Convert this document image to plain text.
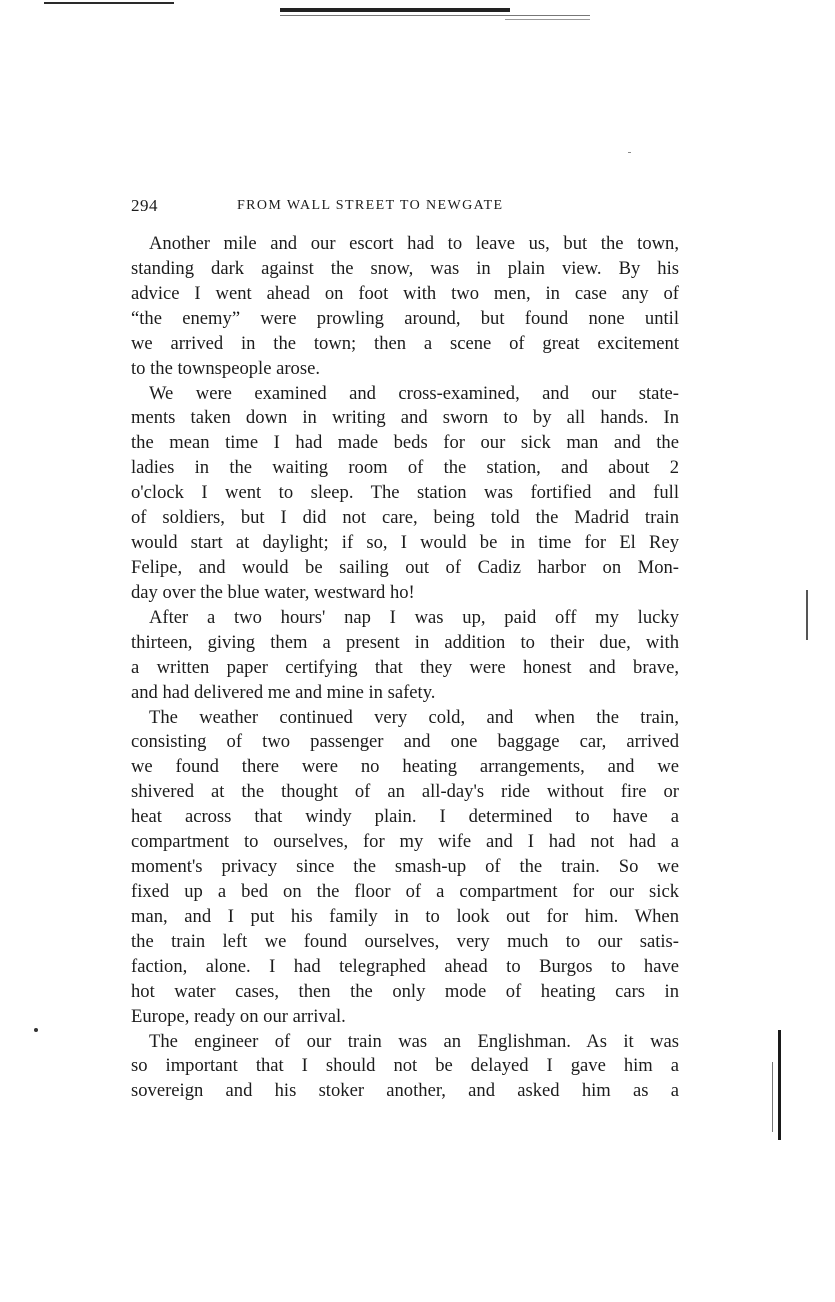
294	FROM WALL STREET TO NEWGATE
Another mile and our escort had to leave us, but the town,
standing dark against the snow, was in plain view. By his
advice I went ahead on foot with two men, in case any of
“the enemy” were prowling around, but found none until
we arrived in the town; then a scene of great excitement
to the townspeople arose.
We were examined and cross-examined, and our state-
ments taken down in writing and sworn to by all hands. In
the mean time I had made beds for our sick man and the
ladies in the waiting room of the station, and about 2
o'clock I went to sleep. The station was fortified and full
of soldiers, but I did not care, being told the Madrid train
would start at daylight; if so, I would be in time for El Rey
Felipe, and would be sailing out of Cadiz harbor on Mon-
day over the blue water, westward ho!
After a two hours' nap I was up, paid off my lucky
thirteen, giving them a present in addition to their due, with
a written paper certifying that they were honest and brave,
and had delivered me and mine in safety.
The weather continued very cold, and when the train,
consisting of two passenger and one baggage car, arrived
we found there were no heating arrangements, and we
shivered at the thought of an all-day's ride without fire or
heat across that windy plain. I determined to have a
compartment to ourselves, for my wife and I had not had a
moment's privacy since the smash-up of the train. So we
fixed up a bed on the floor of a compartment for our sick
man, and I put his family in to look out for him. When
the train left we found ourselves, very much to our satis-
faction, alone. I had telegraphed ahead to Burgos to have
hot water cases, then the only mode of heating cars in
Europe, ready on our arrival.
The engineer of our train was an Englishman. As it was
so important that I should not be delayed I gave him a
sovereign and his stoker another, and asked him as a
